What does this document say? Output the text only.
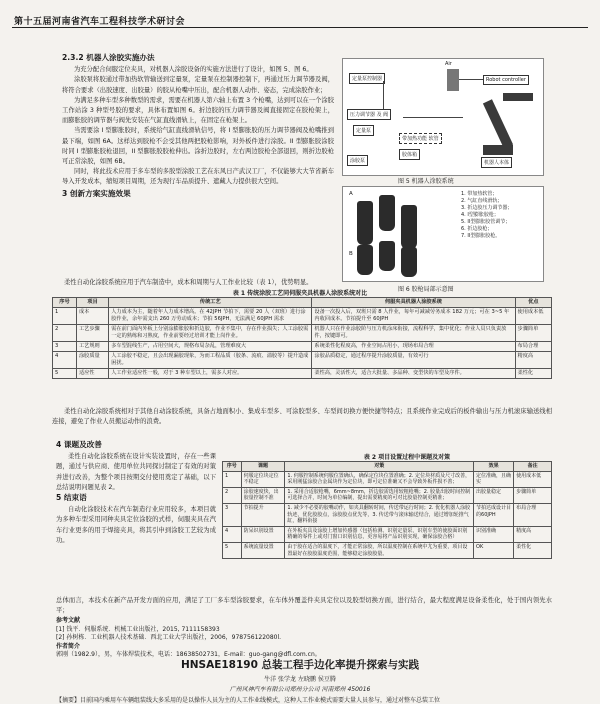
第十五届河南省汽车工程科技学术研讨会
2.3.2 机器人涂胶实施办法

为充分配合伺服定位夹具，对机器人涂胶设备的实施方法进行了设计，如图 5、图 6。

涂胶泵将胶通过带加热软管输送到定量泵，定量泵在控制器控制下，再通过压力调节器及阀，将符合要求（出胶速度、出胶量）的胶从枪嘴中压出，配合机器人动作、姿态，完成涂胶作业；

为满足多种车型多种数型的需求，需要在机器人第六轴上布置 3 个枪嘴，达到可以在一个涂胶工作站涂 3 种型号胶的要求，具体布置如图 6。折边胶的压力调节器及阀直接固定在胶枪架上，而膨胀胶的调节器与阀先安装在气缸直线滑轨上，在固定在枪架上。

当需要涂 I 型膨胀胶时，系统给气缸直线滑轨信号，将 I 型膨胀胶的压力调节器阀及枪嘴推到最下端，如图 6A。这样达到胶枪不会受其他两把胶枪影响，对外板件进行涂胶。II 型膨胀胶涂胶时同 I 型膨胀胶枪退回，II 型膨胀胶胶枪伸出。涂折边胶时，左右两边胶枪全部退回，则折边胶枪可正常涂胶，如图 6B。

同时，将此技术应用于多车型的多胶型涂胶工艺在东风日产武汉工厂，不仅能够大大节省新车导入开发成本，缩短项目周期，还为现行车品质提升、遮藏人力提供很大空间。

3 创新方案实施效果
定量泵控制器
压力调节器 及 阀
Robot controller
定量泵
涂胶泵
带加热功能 软管
胶体箱
机器人本体
Air
图 5 机器人涂胶系统
A
B
1. 带加热软管；
2. 气缸直线滑轨；
3. 折边胶压力调节器；
4. I型膨胀胶枪；
5. II型膨胀胶管调节；
6. 折边胶枪；
7. II型膨胀胶枪。
图 6 胶枪局部示意图

柔性自动化涂胶系统应用于汽车制造中，成本和周期与人工作业比较（表 1），优势明显。

表 1 传统涂胶工艺同伺服夹具机器人涂胶系统对比
序号	项目	传统工艺	伺服夹具机器人涂胶系统	优点
1	成本	人力成本为主，随着年人力成本增高。在 42JPH 节拍下，需要 20 人（双班）进行涂胶作业，余年需支出 260 万劳动成本；节拍 56JPH，无法满足 60JPH 需求	设备一次投入后，双班只需 8 人作业，每年可减减劳务成本 182 万元；可在 3~5 年内收回成本。节拍提升至 60JPH	使用成本低
2	工艺步骤	需在前门面内外板上分别涂膨胀胶和折边胶，作业不集中，存在作业损失；人工涂胶需一定的熟练和习熟度，作业前要经过培训才能上岗作业。	机器人只在作业涂胶阶与压力机涂床衔接，流程科学，集中优化；作业人员只负责放件，按键即可。	步骤简单
3	工艺规则	多车型混线生产，占用空间大，规格布局杂乱，管理难度大	系统柔性化程度高，作业空间占用小，现场布局合理	布局合理
4	涂胶质量	人工涂胶不稳定，且会出现漏胶现象，为而工程品质（胶条、流痕、溢胶等）提升造成困扰。	涂胶品质稳定，通过程序提升涂胶质量，有效可行	精度高
5	适应性	人工作业适应性一般，对于 3 种车型以上，需多人对应。	柔性高，灵活性大，适合大批量、多品种、变型快的车型及序件。	柔性化

柔性自动化涂胶系统相对于其他自动涂胶系统，具备占地面积小、集成车型多、可涂胶型多、车型间切换方便快捷等特点；且系统作业完成后的板件输出与压力机滚床输送线相连接，避免了作业人员搬运动作的浪费。

4 课题及改善

柔性自动化涂胶系统在设计实装设置时，存在一些课题，通过与供应商、使用单位共同探讨制定了有效的对策并进行改善，为整个项目按期交付使用奠定了基础，以下总结说明问题见表 2。

5 结束语

自动化涂胶技术在汽车制造行业应用较多，本项目就为多种车型采用同种夹具定位涂胶的式样，伺服夹具在汽车行业更多的用于焊接夹具，将其引申到涂胶工艺较为成功。

表 2 项目设置过程中课题及对策
序号	课题	对策	效果	备注
1	伺服定位块定位不稳定	1. 伺服控制系统伺服位置确认，确保定位块位置准确；2. 定位块材质及尺寸改善，采用刚猛涂胶合金属块作为定位块，即可定位准确又不会导致外板件损不善；	定位准确，且确实	使用成本低
2	涂胶速度快，出胶量控制不准	1. 采用合适胶枪嘴，6mm~8mm，折边胶需选用较粗枪嘴；2. 胶量出胶时间控制可选择合并，时间为单位编制，提出需要精度的可对比胶量控制更精准；	出胶量稳定	步骤简单
3	节拍提升	1. 减少不必要的胶嘴动作，如夹具翻转时间，传送带运行时间；2. 优化机器人涂胶轨迹，优化胶胶点，涂胶胶点优先等，3. 传送带与滚床输送结合，通过增加轮推气缸，翻料衔接	节拍达成设计目的60JPH	布局合理
4	防呆识别设置	在外板夹具及涂胶上增加传感器（包括检测、识别定量泵，识别车型的使胶面识别精确的零件上或对门窗口识别信息，更容易将产品识别实现，确保涂胶合格）	识别准确	精度高
5	系统流量设置	由于胶在适合的温度下，才能正常涂胶，所以温度控制在系统中尤为重要，项目设置最好在胶胶温度范围，能够稳定涂胶胶量。	OK	柔性化

总体而言，本技术在新产品开发方面的应用，满足了工厂多车型涂胶要求，在车体外覆盖件夹具定位以及胶型切换方面，进行结合，最大程度满足设备柔性化，处于国内领先水平；

参考文献
[1] 钱平．伺服系统．机械工业出版社，2015, 7111158393
[2] 孙树栋．工业机器人技术基础．西北工业大学出版社，2006，978756122080l.
作者简介
郭刚（1982.9），男，车体焊装技术，电话：18638502731，E-mail：guo-gang@dfl.com.cn。
HNSAE18190 总装工程手边化率提升探索与实践
牛洋 张学龙 左晓鹏 侯豆腾
广州风神汽车有限公司郑州分公司 河南郑州 450016
【摘要】目前国内乘用车车辆组装线大多采用的是以操作人员为主的人工作业线模式，这种人工作业模式需要大量人员参与，通过对整车总装工位
